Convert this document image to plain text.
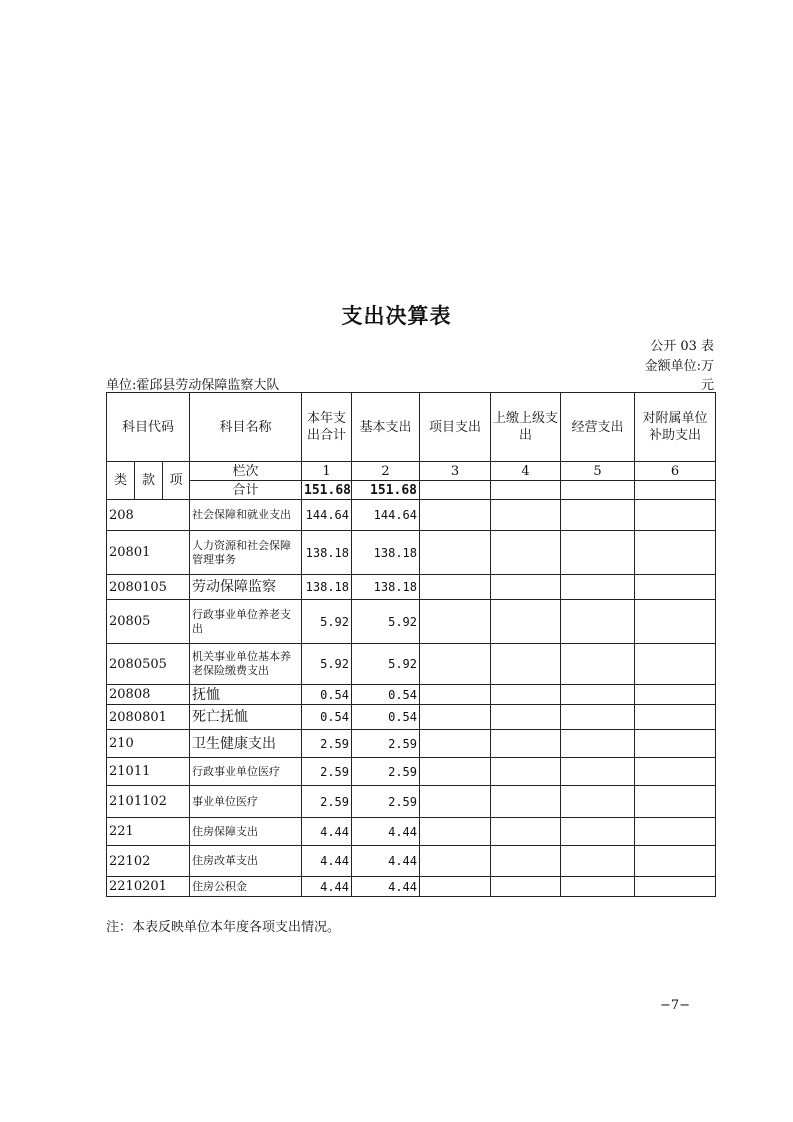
支出决算表
公开 03 表
金额单位:万
元
单位:霍邱县劳动保障监察大队
科目代码			科目名称	本年支出合计	基本支出	项目支出	上缴上级支出	经营支出	对附属单位补助支出
类	款	项	栏次	1	2	3	4	5	6
			合计	151.68	151.68				
208			社会保障和就业支出	144.64	144.64				
20801			人力资源和社会保障管理事务	138.18	138.18				
2080105			劳动保障监察	138.18	138.18				
20805			行政事业单位养老支出	5.92	5.92				
2080505			机关事业单位基本养老保险缴费支出	5.92	5.92				
20808			抚恤	0.54	0.54				
2080801			死亡抚恤	0.54	0.54				
210			卫生健康支出	2.59	2.59				
21011			行政事业单位医疗	2.59	2.59				
2101102			事业单位医疗	2.59	2.59				
221			住房保障支出	4.44	4.44				
22102			住房改革支出	4.44	4.44				
2210201			住房公积金	4.44	4.44				
注：本表反映单位本年度各项支出情况。
−7−
